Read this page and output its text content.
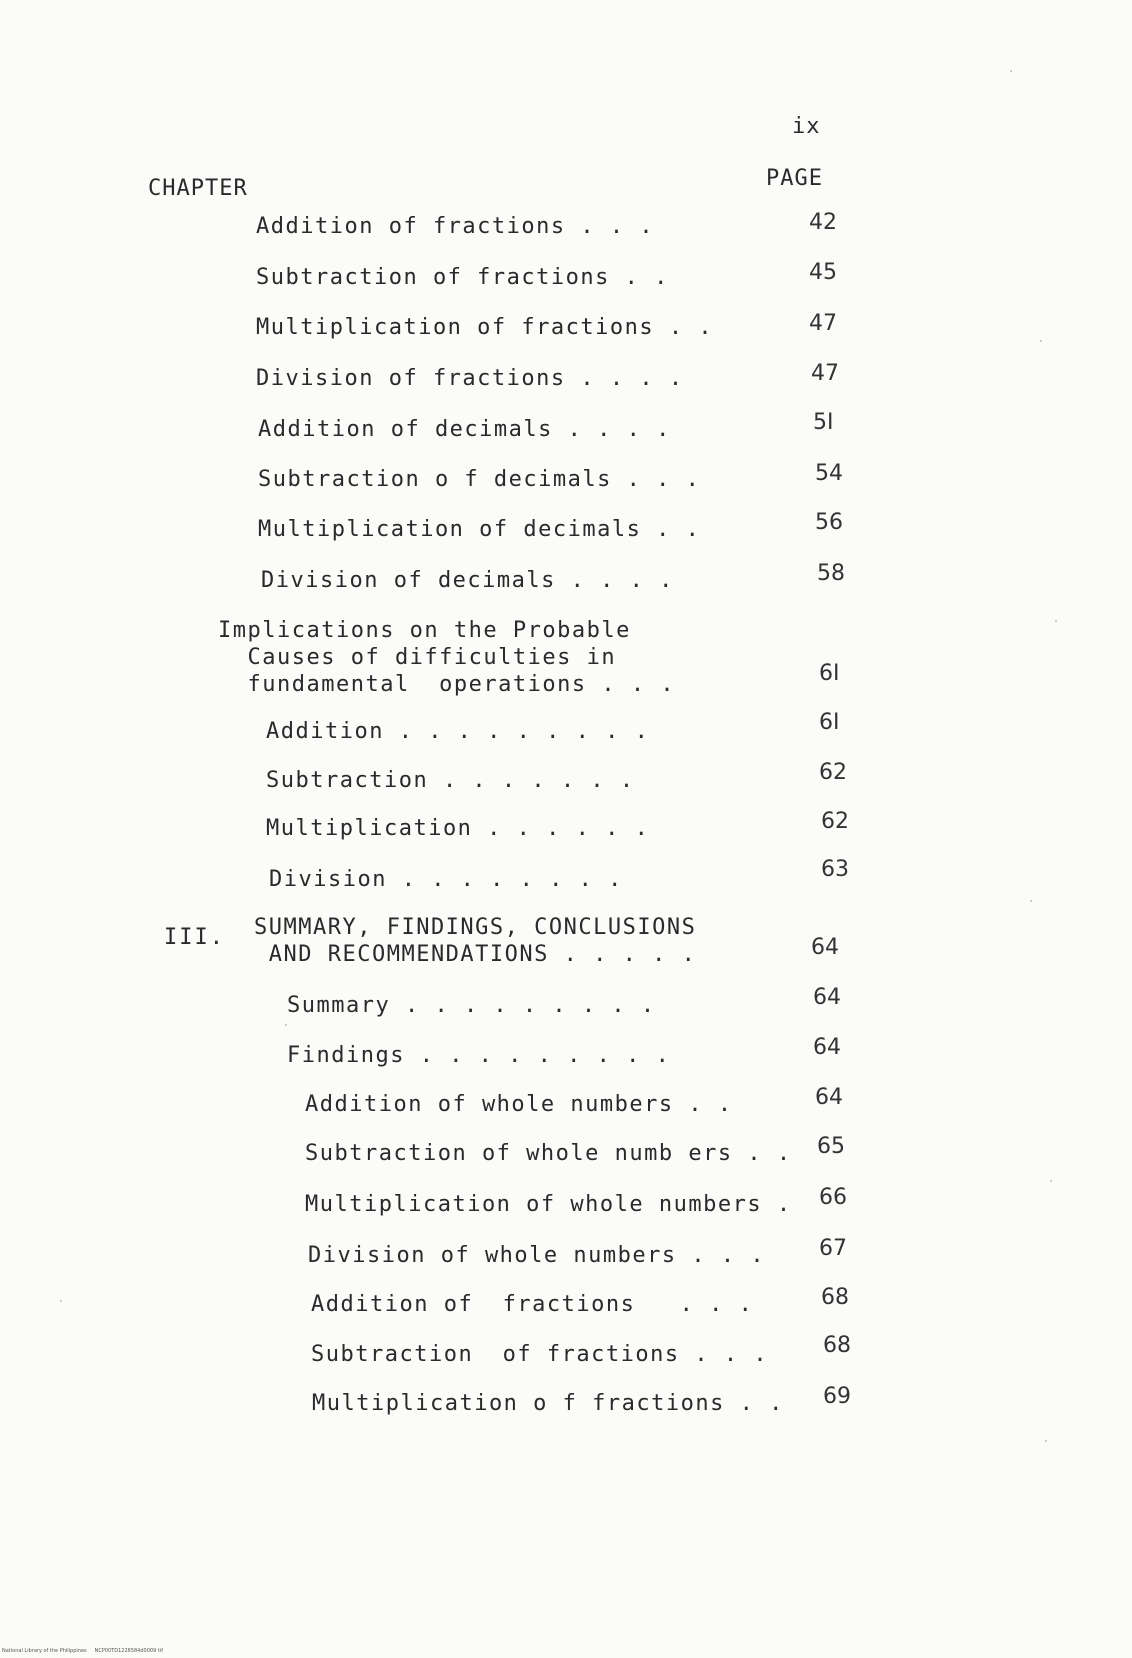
ix
CHAPTER	PAGE
Addition of fractions . . .	42
Subtraction of fractions . .	45
Multiplication of fractions . .	47
Division of fractions . . . .	47
Addition of decimals . . . .	5I
Subtraction o f decimals . . .	54
Multiplication of decimals . .	56
Division of decimals . . . .	58
Implications on the Probable
Causes of difficulties in
fundamental  operations . . .	6I
Addition . . . . . . . . .	6I
Subtraction . . . . . . .	62
Multiplication . . . . . .	62
Division . . . . . . . .	63
III. SUMMARY, FINDINGS, CONCLUSIONS
AND RECOMMENDATIONS . . . . .	64
Summary . . . . . . . . .	64
Findings . . . . . . . . .	64
Addition of whole numbers . .	64
Subtraction of whole numb ers . . 65
Multiplication of whole numbers . 66
Division of whole numbers . . . 67
Addition of  fractions   . . .	68
Subtraction  of fractions . . . 68
Multiplication o f fractions . . 69
National Library of the Philippines     NCP00TD1226584d0009 tif
